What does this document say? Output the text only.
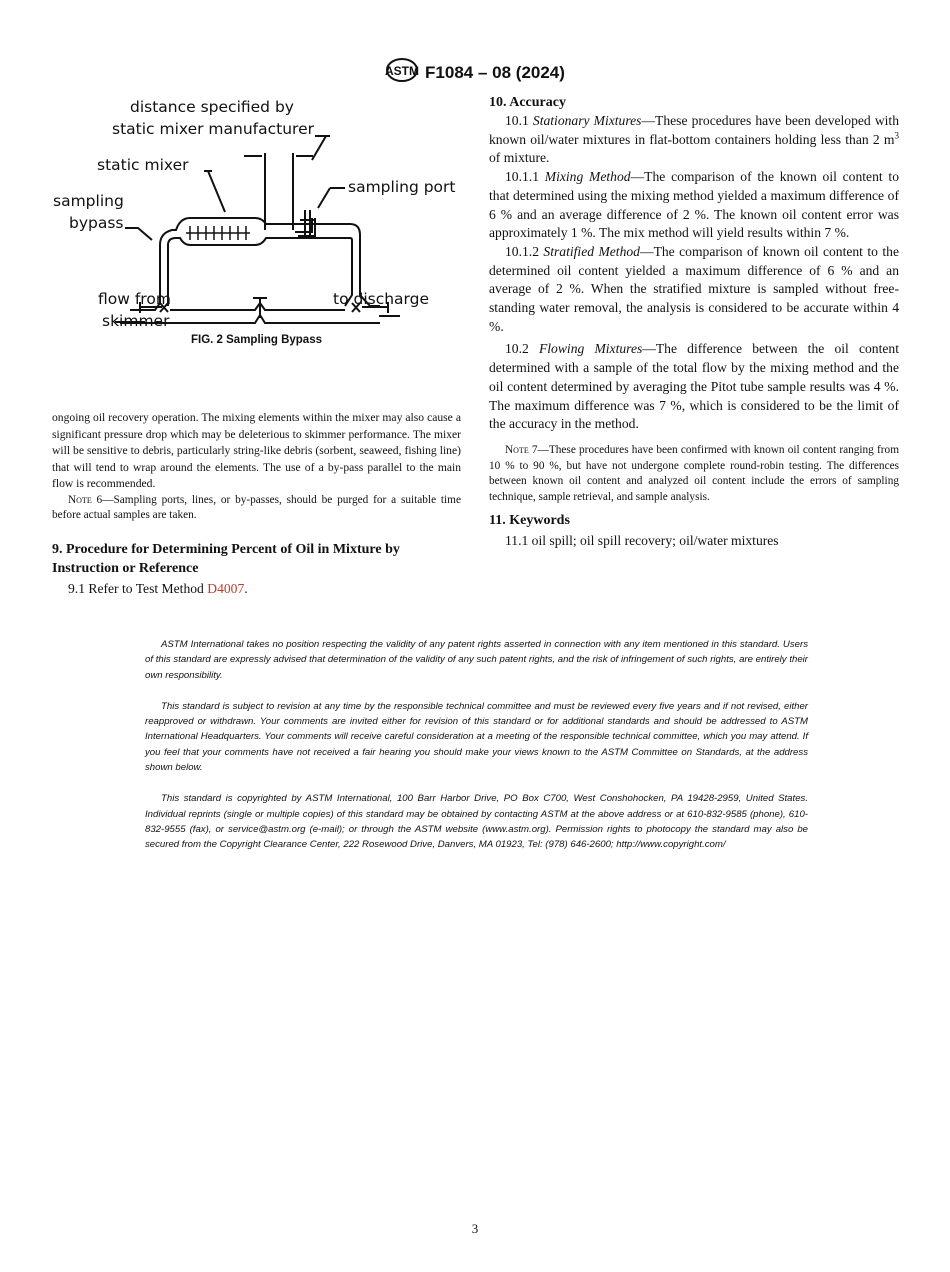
ASTM F1084 – 08 (2024)
distance specified by
static mixer manufacturer
static mixer
sampling port
sampling
bypass
flow from
skimmer
to discharge
FIG. 2 Sampling Bypass

ongoing oil recovery operation. The mixing elements within the mixer may also cause a significant pressure drop which may be deleterious to skimmer performance. The mixer will be sensitive to debris, particularly string-like debris (sorbent, seaweed, fishing line) that will tend to wrap around the elements. The use of a by-pass parallel to the main flow is recommended.

Note 6—Sampling ports, lines, or by-passes, should be purged for a suitable time before actual samples are taken.

9. Procedure for Determining Percent of Oil in Mixture by Instruction or Reference

9.1 Refer to Test Method D4007.

10. Accuracy

10.1 Stationary Mixtures—These procedures have been developed with known oil/water mixtures in flat-bottom containers holding less than 2 $m^3$ of mixture.

10.1.1 Mixing Method—The comparison of the known oil content to that determined using the mixing method yielded a maximum difference of 6 % and an average difference of 2 %. The known oil content error was approximately 1 %. The mix method will yield results within 7 %.

10.1.2 Stratified Method—The comparison of known oil content to the determined oil content yielded a maximum difference of 6 % and an average of 2 %. When the stratified mixture is sampled without free-standing water removal, the analysis is considered to be accurate within 4 %.

10.2 Flowing Mixtures—The difference between the oil content determined with a sample of the total flow by the mixing method and the oil content determined by averaging the Pitot tube sample results was 4 %. The maximum difference was 7 %, which is considered to be the limit of the accuracy in the method.

Note 7—These procedures have been confirmed with known oil content ranging from 10 % to 90 %, but have not undergone complete round-robin testing. The differences between known oil content and analyzed oil content include the errors of sampling technique, sample retrieval, and sample analysis.

11. Keywords

11.1 oil spill; oil spill recovery; oil/water mixtures

ASTM International takes no position respecting the validity of any patent rights asserted in connection with any item mentioned in this standard. Users of this standard are expressly advised that determination of the validity of any such patent rights, and the risk of infringement of such rights, are entirely their own responsibility.

This standard is subject to revision at any time by the responsible technical committee and must be reviewed every five years and if not revised, either reapproved or withdrawn. Your comments are invited either for revision of this standard or for additional standards and should be addressed to ASTM International Headquarters. Your comments will receive careful consideration at a meeting of the responsible technical committee, which you may attend. If you feel that your comments have not received a fair hearing you should make your views known to the ASTM Committee on Standards, at the address shown below.

This standard is copyrighted by ASTM International, 100 Barr Harbor Drive, PO Box C700, West Conshohocken, PA 19428-2959, United States. Individual reprints (single or multiple copies) of this standard may be obtained by contacting ASTM at the above address or at 610-832-9585 (phone), 610-832-9555 (fax), or service@astm.org (e-mail); or through the ASTM website (www.astm.org). Permission rights to photocopy the standard may also be secured from the Copyright Clearance Center, 222 Rosewood Drive, Danvers, MA 01923, Tel: (978) 646-2600; http://www.copyright.com/

3
